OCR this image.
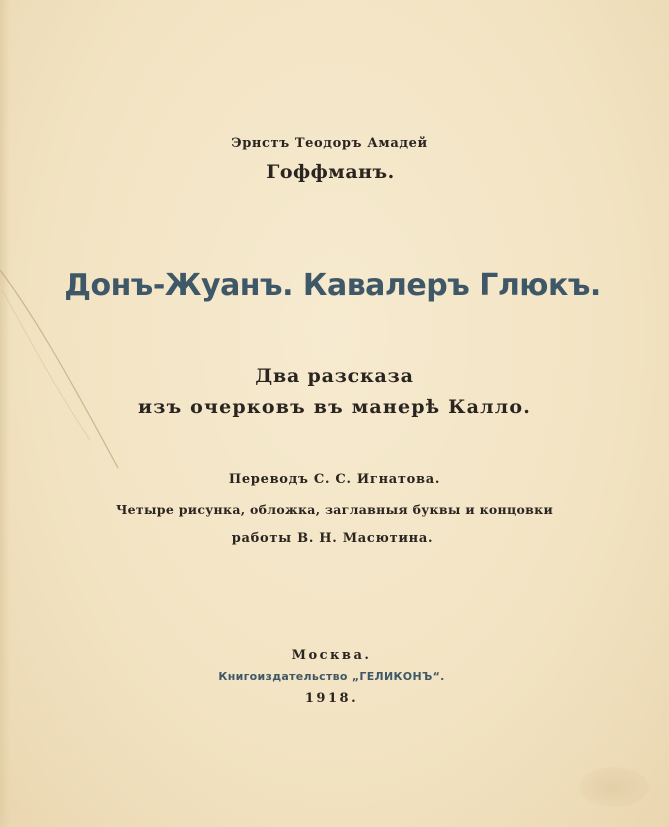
Эрнстъ Теодоръ Амадей
Гоффманъ.
Донъ-Жуанъ. Кавалеръ Глюкъ.
Два разсказа
изъ очерковъ въ манерѣ Калло.
Переводъ С. С. Игнатова.
Четыре рисунка, обложка, заглавныя буквы и концовки
работы В. Н. Масютина.
Москва.
Книгоиздательство „ГЕЛИКОНЪ“.
1918.
